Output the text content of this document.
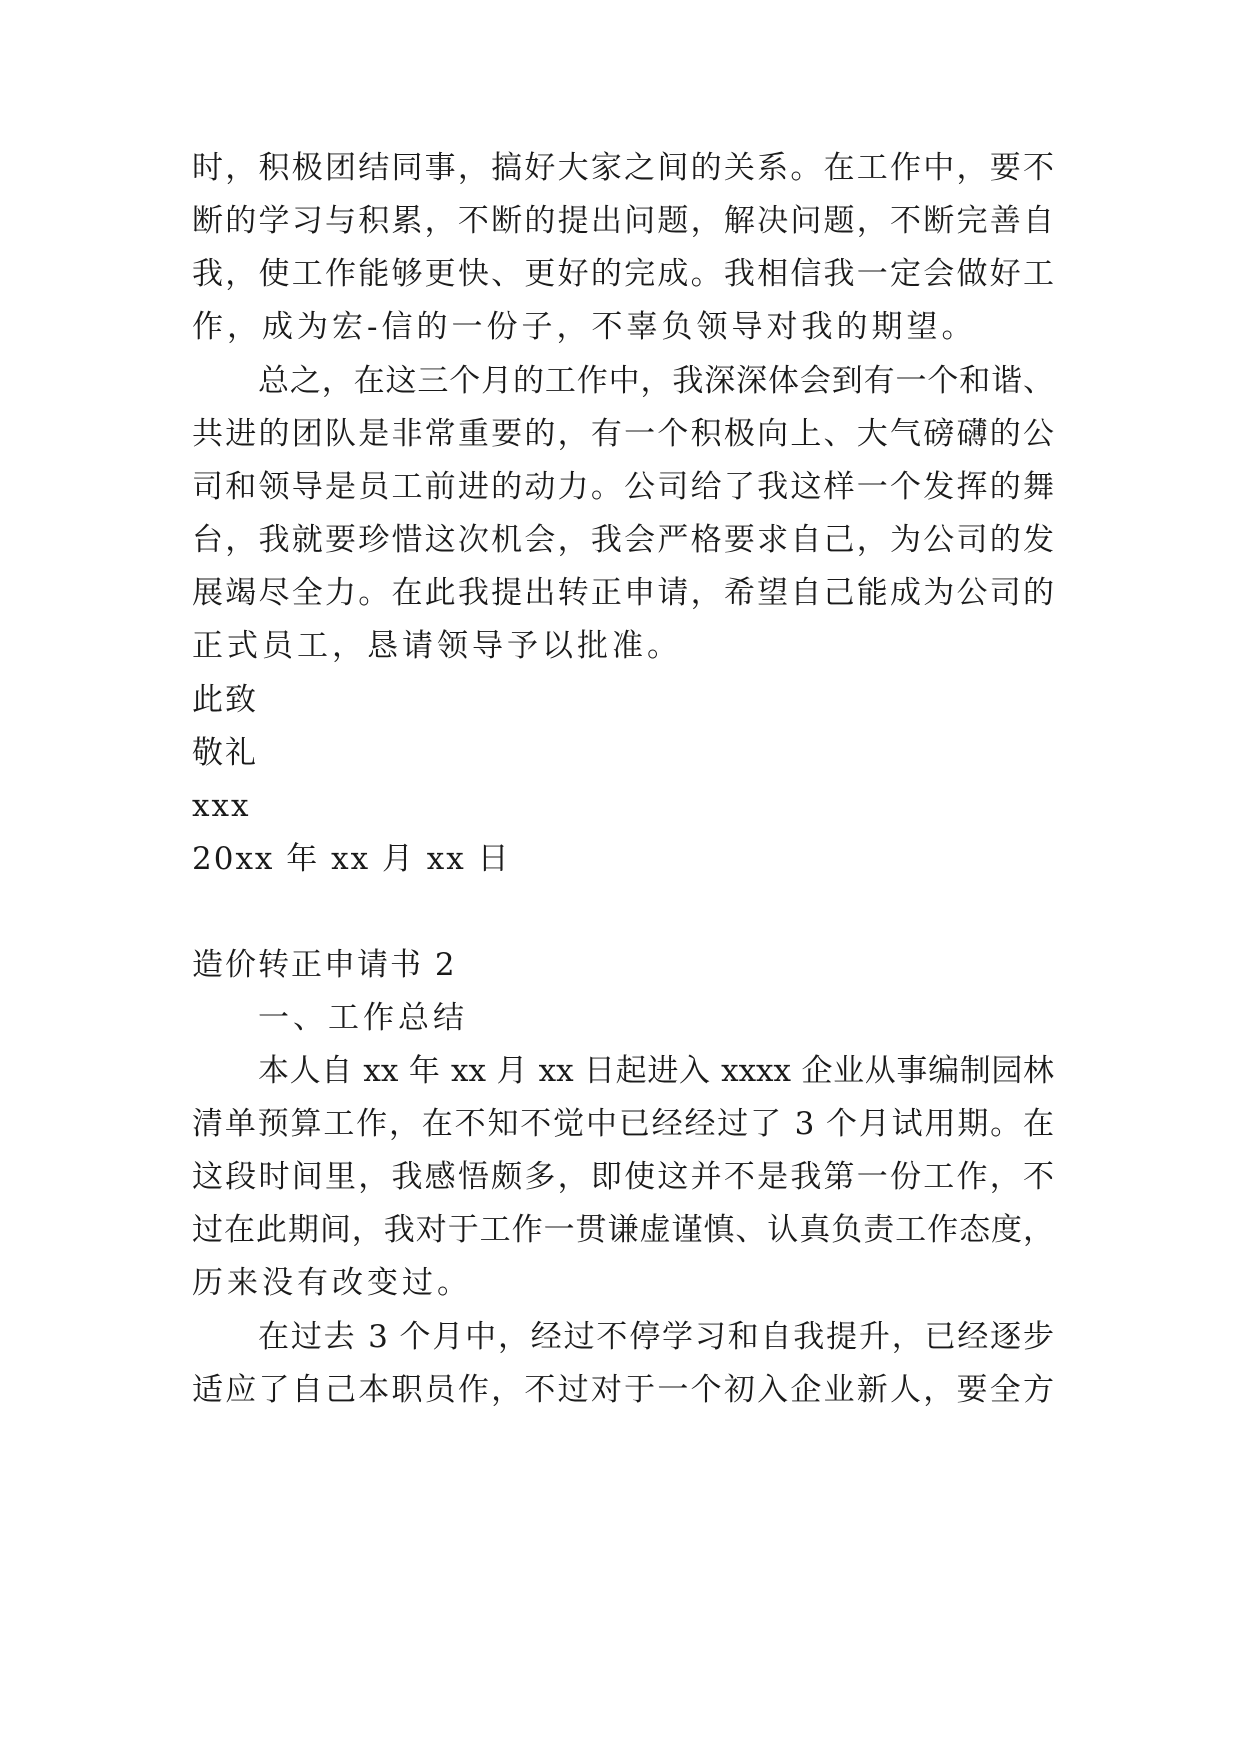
时，积极团结同事，搞好大家之间的关系。在工作中，要不
断的学习与积累，不断的提出问题，解决问题，不断完善自
我，使工作能够更快、更好的完成。我相信我一定会做好工
作，成为宏-信的一份子，不辜负领导对我的期望。
总之，在这三个月的工作中，我深深体会到有一个和谐、
共进的团队是非常重要的，有一个积极向上、大气磅礴的公
司和领导是员工前进的动力。公司给了我这样一个发挥的舞
台，我就要珍惜这次机会，我会严格要求自己，为公司的发
展竭尽全力。在此我提出转正申请，希望自己能成为公司的
正式员工，恳请领导予以批准。
此致
敬礼
xxx
20xx 年 xx 月 xx 日
造价转正申请书 2
一、工作总结
本人自 xx 年 xx 月 xx 日起进入 xxxx 企业从事编制园林
清单预算工作，在不知不觉中已经经过了 3 个月试用期。在
这段时间里，我感悟颇多，即使这并不是我第一份工作，不
过在此期间，我对于工作一贯谦虚谨慎、认真负责工作态度，
历来没有改变过。
在过去 3 个月中，经过不停学习和自我提升，已经逐步
适应了自己本职员作，不过对于一个初入企业新人，要全方
